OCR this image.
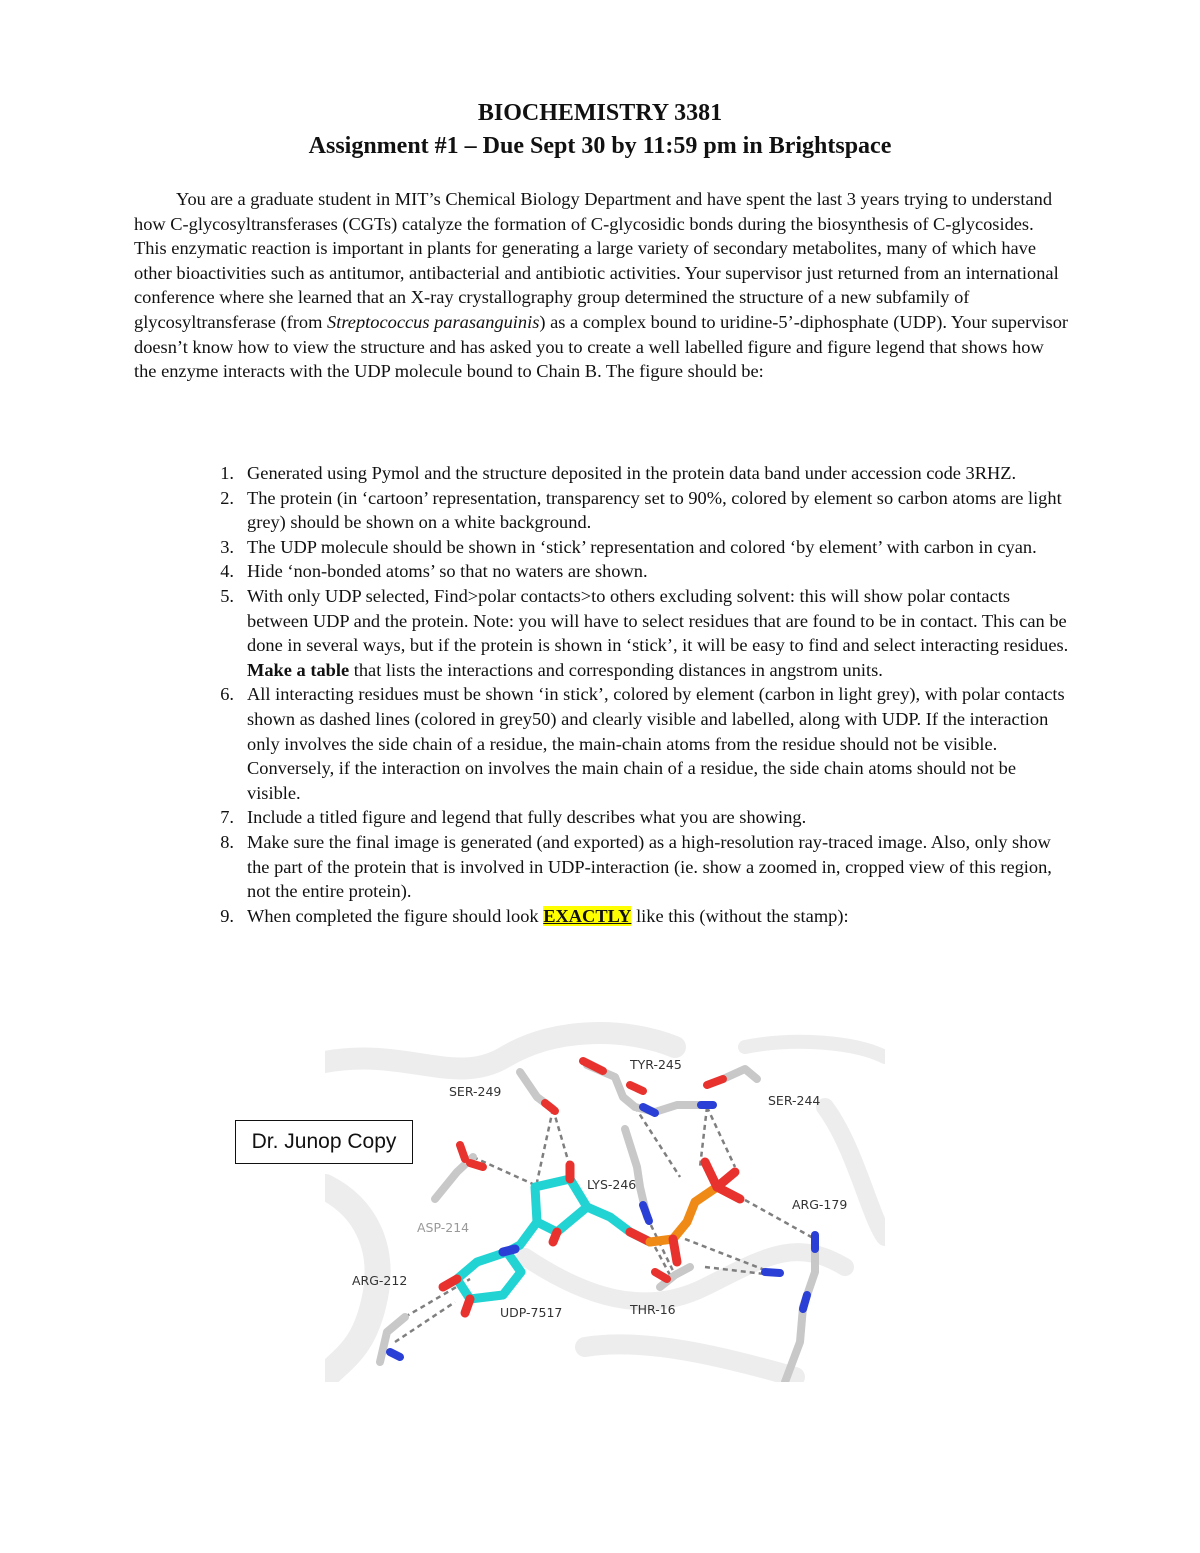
BIOCHEMISTRY 3381
Assignment #1 – Due Sept 30 by 11:59 pm in Brightspace
You are a graduate student in MIT’s Chemical Biology Department and have spent the last 3 years trying to understand how C-glycosyltransferases (CGTs) catalyze the formation of C-glycosidic bonds during the biosynthesis of C-glycosides. This enzymatic reaction is important in plants for generating a large variety of secondary metabolites, many of which have other bioactivities such as antitumor, antibacterial and antibiotic activities. Your supervisor just returned from an international conference where she learned that an X-ray crystallography group determined the structure of a new subfamily of glycosyltransferase (from Streptococcus parasanguinis) as a complex bound to uridine-5’-diphosphate (UDP). Your supervisor doesn’t know how to view the structure and has asked you to create a well labelled figure and figure legend that shows how the enzyme interacts with the UDP molecule bound to Chain B. The figure should be:
1 . Generated using Pymol and the structure deposited in the protein data band under accession code 3RHZ.
2 . The protein (in ‘cartoon’ representation, transparency set to 90%, colored by element so carbon atoms are light grey) should be shown on a white background.
3 . The UDP molecule should be shown in ‘stick’ representation and colored ‘by element’ with carbon in cyan.
4 . Hide ‘non-bonded atoms’ so that no waters are shown.
5 . With only UDP selected, Find>polar contacts>to others excluding solvent: this will show polar contacts between UDP and the protein. Note: you will have to select residues that are found to be in contact. This can be done in several ways, but if the protein is shown in ‘stick’, it will be easy to find and select interacting residues. Make a table that lists the interactions and corresponding distances in angstrom units.
6 . All interacting residues must be shown ‘in stick’, colored by element (carbon in light grey), with polar contacts shown as dashed lines (colored in grey50) and clearly visible and labelled, along with UDP. If the interaction only involves the side chain of a residue, the main-chain atoms from the residue should not be visible. Conversely, if the interaction on involves the main chain of a residue, the side chain atoms should not be visible.
7 . Include a titled figure and legend that fully describes what you are showing.
8 . Make sure the final image is generated (and exported) as a high-resolution ray-traced image. Also, only show the part of the protein that is involved in UDP-interaction (ie. show a zoomed in, cropped view of this region, not the entire protein).
9 . When completed the figure should look EXACTLY like this (without the stamp):
TYR-245
SER-249
SER-244
LYS-246
ARG-179
ASP-214
ARG-212
UDP-7517	THR-16
Dr. Junop Copy
